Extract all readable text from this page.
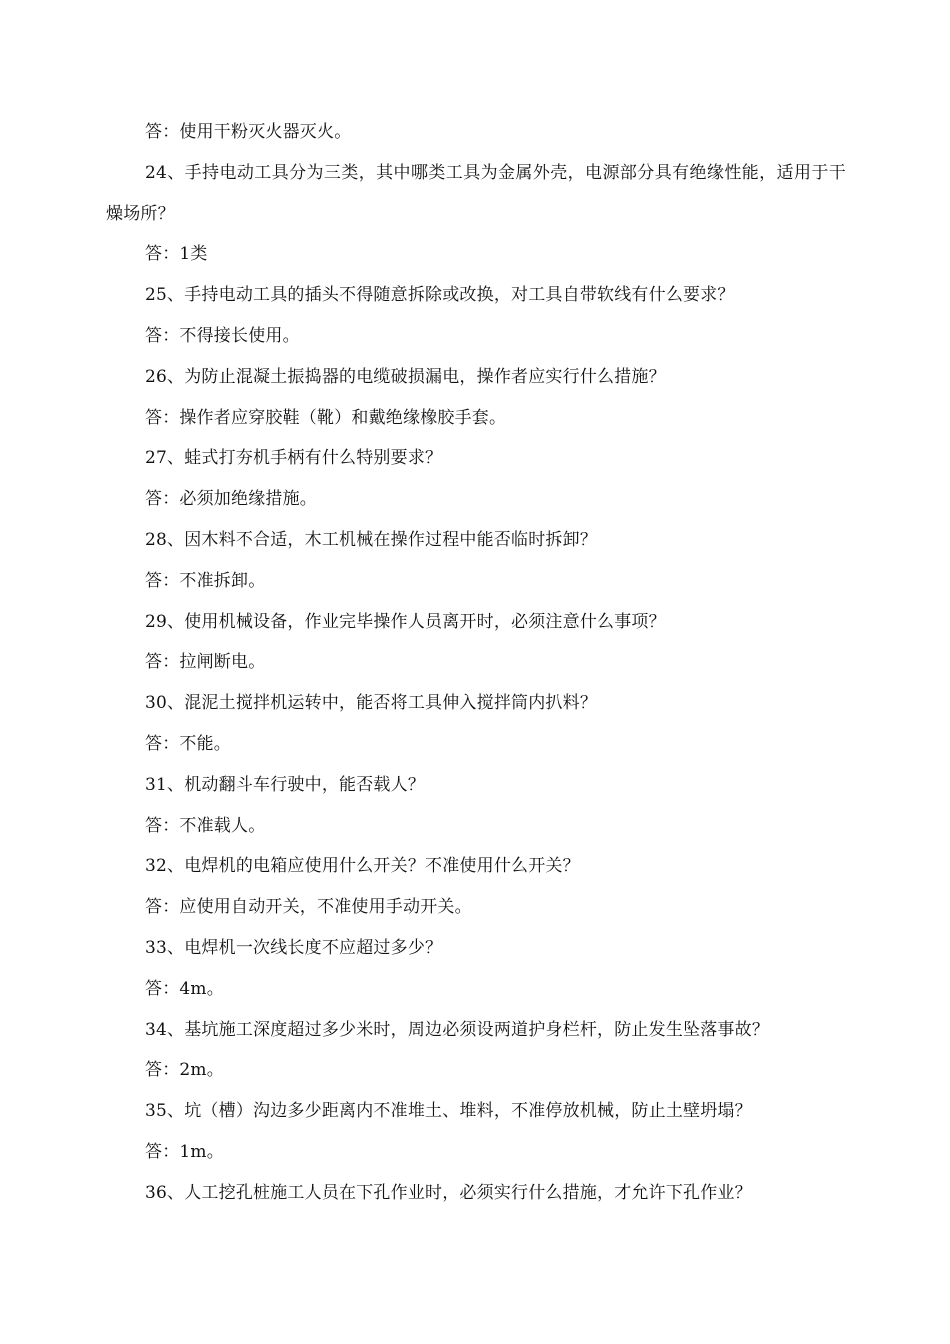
答：使用干粉灭火器灭火。

24、手持电动工具分为三类，其中哪类工具为金属外壳，电源部分具有绝缘性能，适用于干燥场所？

答：1类

25、手持电动工具的插头不得随意拆除或改换，对工具自带软线有什么要求？

答：不得接长使用。

26、为防止混凝土振捣器的电缆破损漏电，操作者应实行什么措施？

答：操作者应穿胶鞋（靴）和戴绝缘橡胶手套。

27、蛙式打夯机手柄有什么特别要求？

答：必须加绝缘措施。

28、因木料不合适，木工机械在操作过程中能否临时拆卸？

答：不准拆卸。

29、使用机械设备，作业完毕操作人员离开时，必须注意什么事项？

答：拉闸断电。

30、混泥土搅拌机运转中，能否将工具伸入搅拌筒内扒料？

答：不能。

31、机动翻斗车行驶中，能否载人？

答：不准载人。

32、电焊机的电箱应使用什么开关？不准使用什么开关？

答：应使用自动开关，不准使用手动开关。

33、电焊机一次线长度不应超过多少？

答：4m。

34、基坑施工深度超过多少米时，周边必须设两道护身栏杆，防止发生坠落事故？

答：2m。

35、坑（槽）沟边多少距离内不准堆土、堆料，不准停放机械，防止土壁坍塌？

答：1m。

36、人工挖孔桩施工人员在下孔作业时，必须实行什么措施，才允许下孔作业？
